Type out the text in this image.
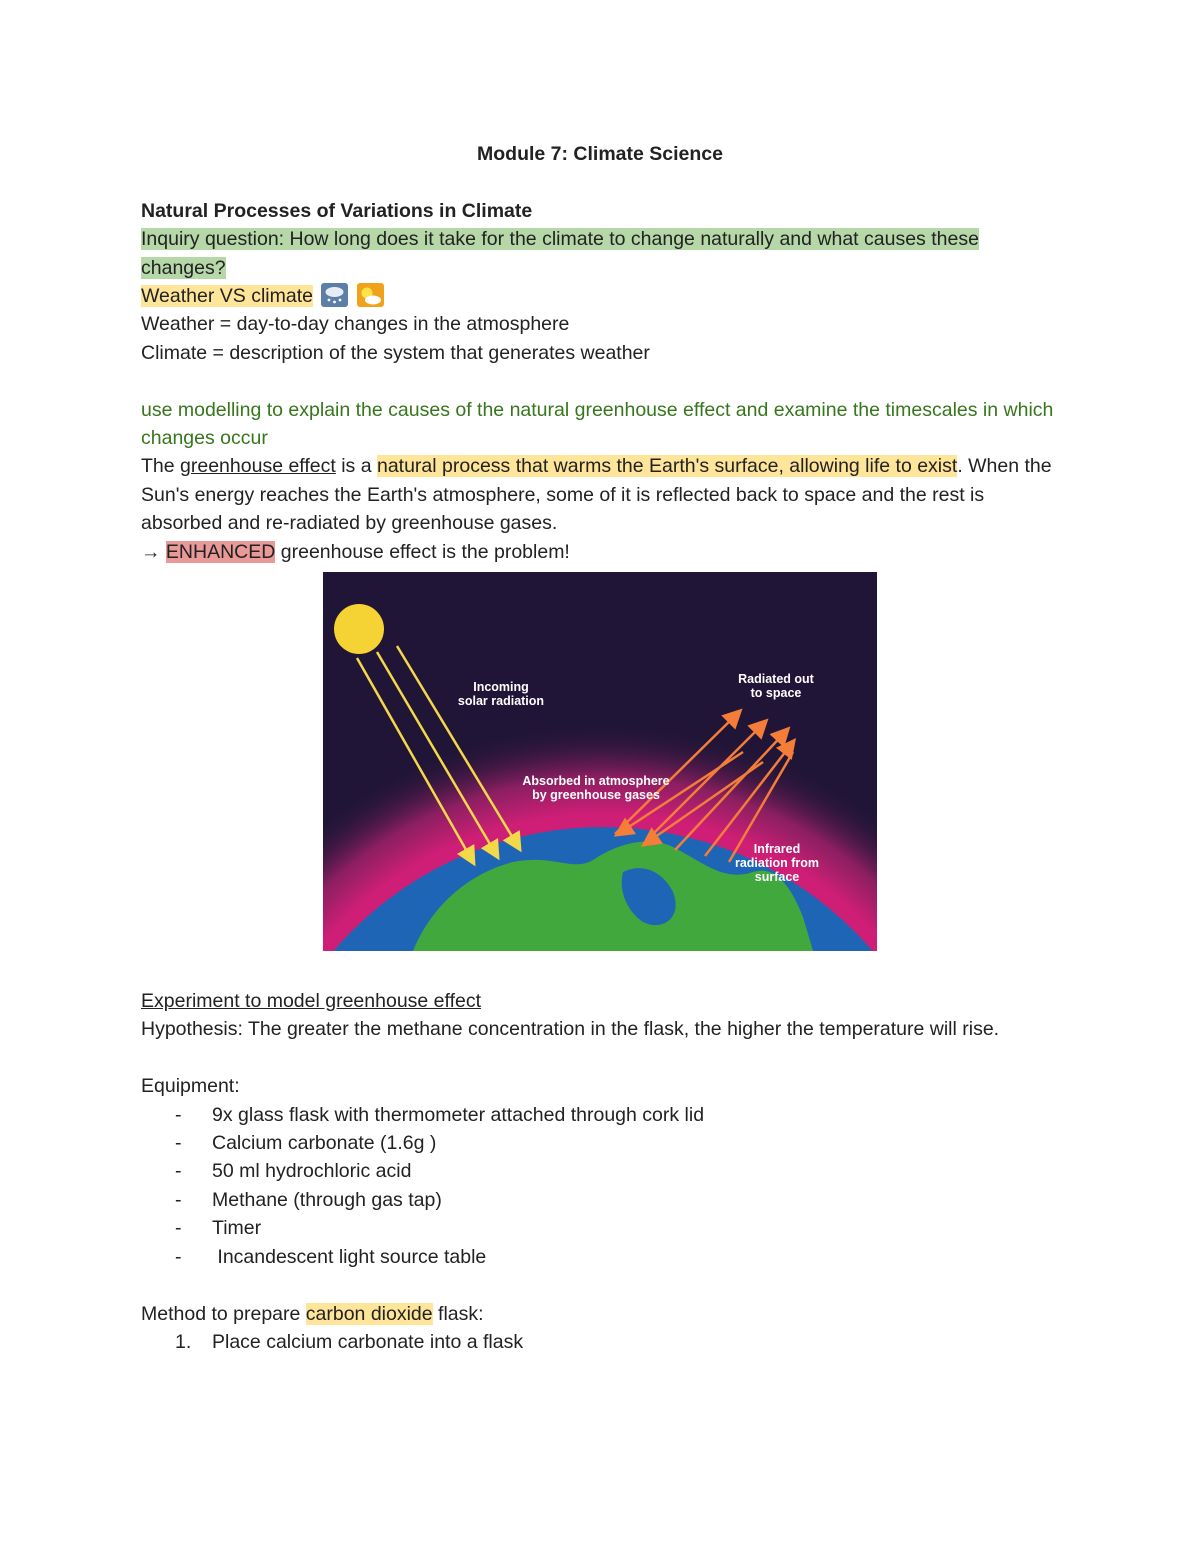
Module 7: Climate Science
Natural Processes of Variations in Climate
Inquiry question: How long does it take for the climate to change naturally and what causes these changes?
Weather VS climate
Weather = day-to-day changes in the atmosphere
Climate = description of the system that generates weather
use modelling to explain the causes of the natural greenhouse effect and examine the timescales in which changes occur
The greenhouse effect is a natural process that warms the Earth's surface, allowing life to exist. When the Sun's energy reaches the Earth's atmosphere, some of it is reflected back to space and the rest is absorbed and re-radiated by greenhouse gases.
→ ENHANCED greenhouse effect is the problem!
Incoming
solar radiation
Radiated out
to space
Absorbed in atmosphere
by greenhouse gases
Infrared
radiation from
surface
Experiment to model greenhouse effect
Hypothesis: The greater the methane concentration in the flask, the higher the temperature will rise.
Equipment:
- 9x glass flask with thermometer attached through cork lid
- Calcium carbonate (1.6g )
- 50 ml hydrochloric acid
- Methane (through gas tap)
- Timer
-  Incandescent light source table
Method to prepare carbon dioxide flask:
1. Place calcium carbonate into a flask
